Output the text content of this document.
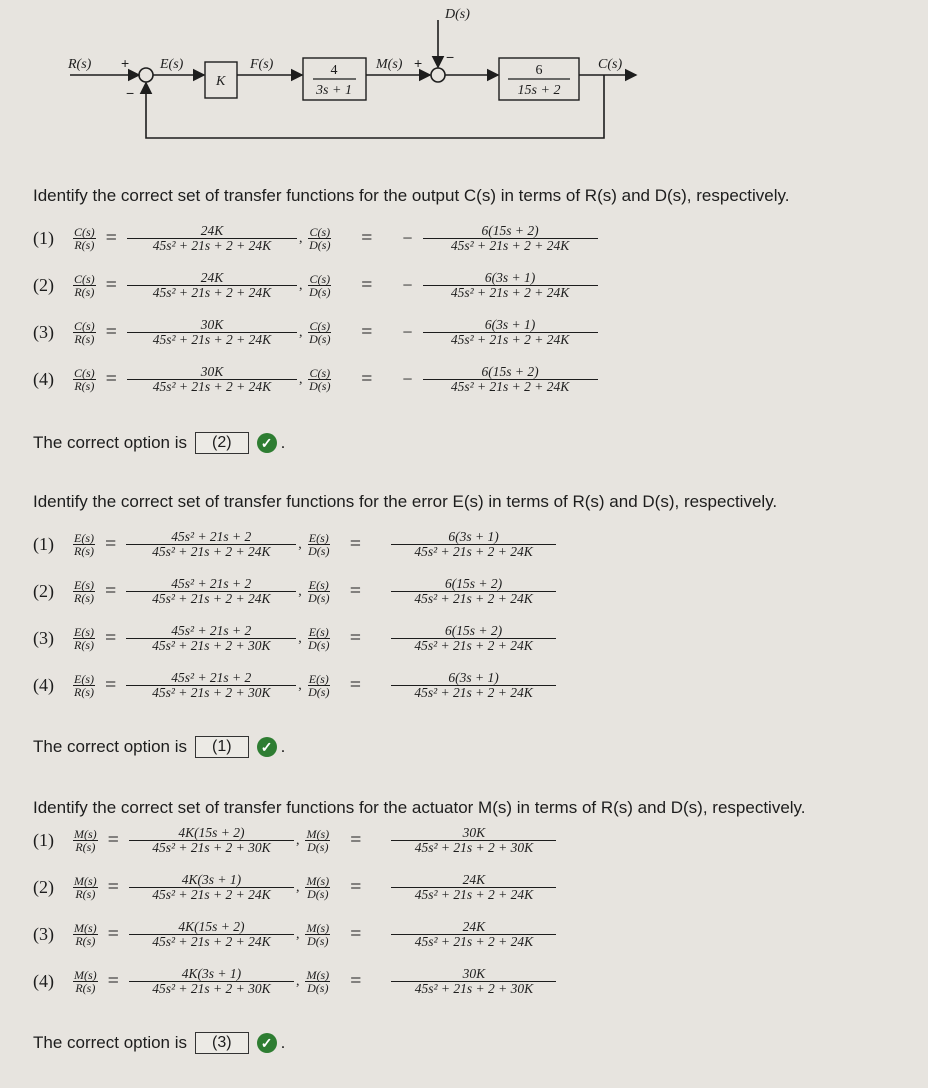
R(s)	E(s)
K
F(s)	4
3s + 1
M(s)
D(s)
6
15s + 2
C(s)
+
−
+ −
Identify the correct set of transfer functions for the output C(s) in terms of R(s) and D(s), respectively.
(1)	$\frac{C(s)}{R(s)} = \frac{24K}{\text{45s² + 21s + 2 + 24K}}$ , $\frac{C(s)}{D(s)}$	=	− $\frac{6(15s + 2)}{\text{45s² + 21s + 2 + 24K}}$
(2)	$\frac{C(s)}{R(s)} = \frac{24K}{\text{45s² + 21s + 2 + 24K}}$ , $\frac{C(s)}{D(s)}$	=	− $\frac{6(3s + 1)}{\text{45s² + 21s + 2 + 24K}}$
(3)	$\frac{C(s)}{R(s)} = \frac{30K}{\text{45s² + 21s + 2 + 24K}}$ , $\frac{C(s)}{D(s)}$	=	− $\frac{6(3s + 1)}{\text{45s² + 21s + 2 + 24K}}$
(4)	$\frac{C(s)}{R(s)} = \frac{30K}{\text{45s² + 21s + 2 + 24K}}$ , $\frac{C(s)}{D(s)}$	=	− $\frac{6(15s + 2)}{\text{45s² + 21s + 2 + 24K}}$
The correct option is	(2)	✓ .
Identify the correct set of transfer functions for the error E(s) in terms of R(s) and D(s), respectively.
(1)	$\frac{E(s)}{R(s)} = \frac{\text{45s² + 21s + 2}}{\text{45s² + 21s + 2 + 24K}}$ , $\frac{E(s)}{D(s)}$	=	$\frac{6(3s + 1)}{\text{45s² + 21s + 2 + 24K}}$
(2)	$\frac{E(s)}{R(s)} = \frac{\text{45s² + 21s + 2}}{\text{45s² + 21s + 2 + 24K}}$ , $\frac{E(s)}{D(s)}$	=	$\frac{6(15s + 2)}{\text{45s² + 21s + 2 + 24K}}$
(3)	$\frac{E(s)}{R(s)} = \frac{\text{45s² + 21s + 2}}{\text{45s² + 21s + 2 + 30K}}$ , $\frac{E(s)}{D(s)}$	=	$\frac{6(15s + 2)}{\text{45s² + 21s + 2 + 24K}}$
(4)	$\frac{E(s)}{R(s)} = \frac{\text{45s² + 21s + 2}}{\text{45s² + 21s + 2 + 30K}}$ , $\frac{E(s)}{D(s)}$	=	$\frac{6(3s + 1)}{\text{45s² + 21s + 2 + 24K}}$
The correct option is	(1)	✓ .
Identify the correct set of transfer functions for the actuator M(s) in terms of R(s) and D(s), respectively.
(1)	$\frac{M(s)}{R(s)} = \frac{4K(15s + 2)}{\text{45s² + 21s + 2 + 30K}}$ , $\frac{M(s)}{D(s)}$	=	$\frac{30K}{\text{45s² + 21s + 2 + 30K}}$
(2)	$\frac{M(s)}{R(s)} = \frac{4K(3s + 1)}{\text{45s² + 21s + 2 + 24K}}$ , $\frac{M(s)}{D(s)}$	=	$\frac{24K}{\text{45s² + 21s + 2 + 24K}}$
(3)	$\frac{M(s)}{R(s)} = \frac{4K(15s + 2)}{\text{45s² + 21s + 2 + 24K}}$ , $\frac{M(s)}{D(s)}$	=	$\frac{24K}{\text{45s² + 21s + 2 + 24K}}$
(4)	$\frac{M(s)}{R(s)} = \frac{4K(3s + 1)}{\text{45s² + 21s + 2 + 30K}}$ , $\frac{M(s)}{D(s)}$	=	$\frac{30K}{\text{45s² + 21s + 2 + 30K}}$
The correct option is	(3)	✓ .
